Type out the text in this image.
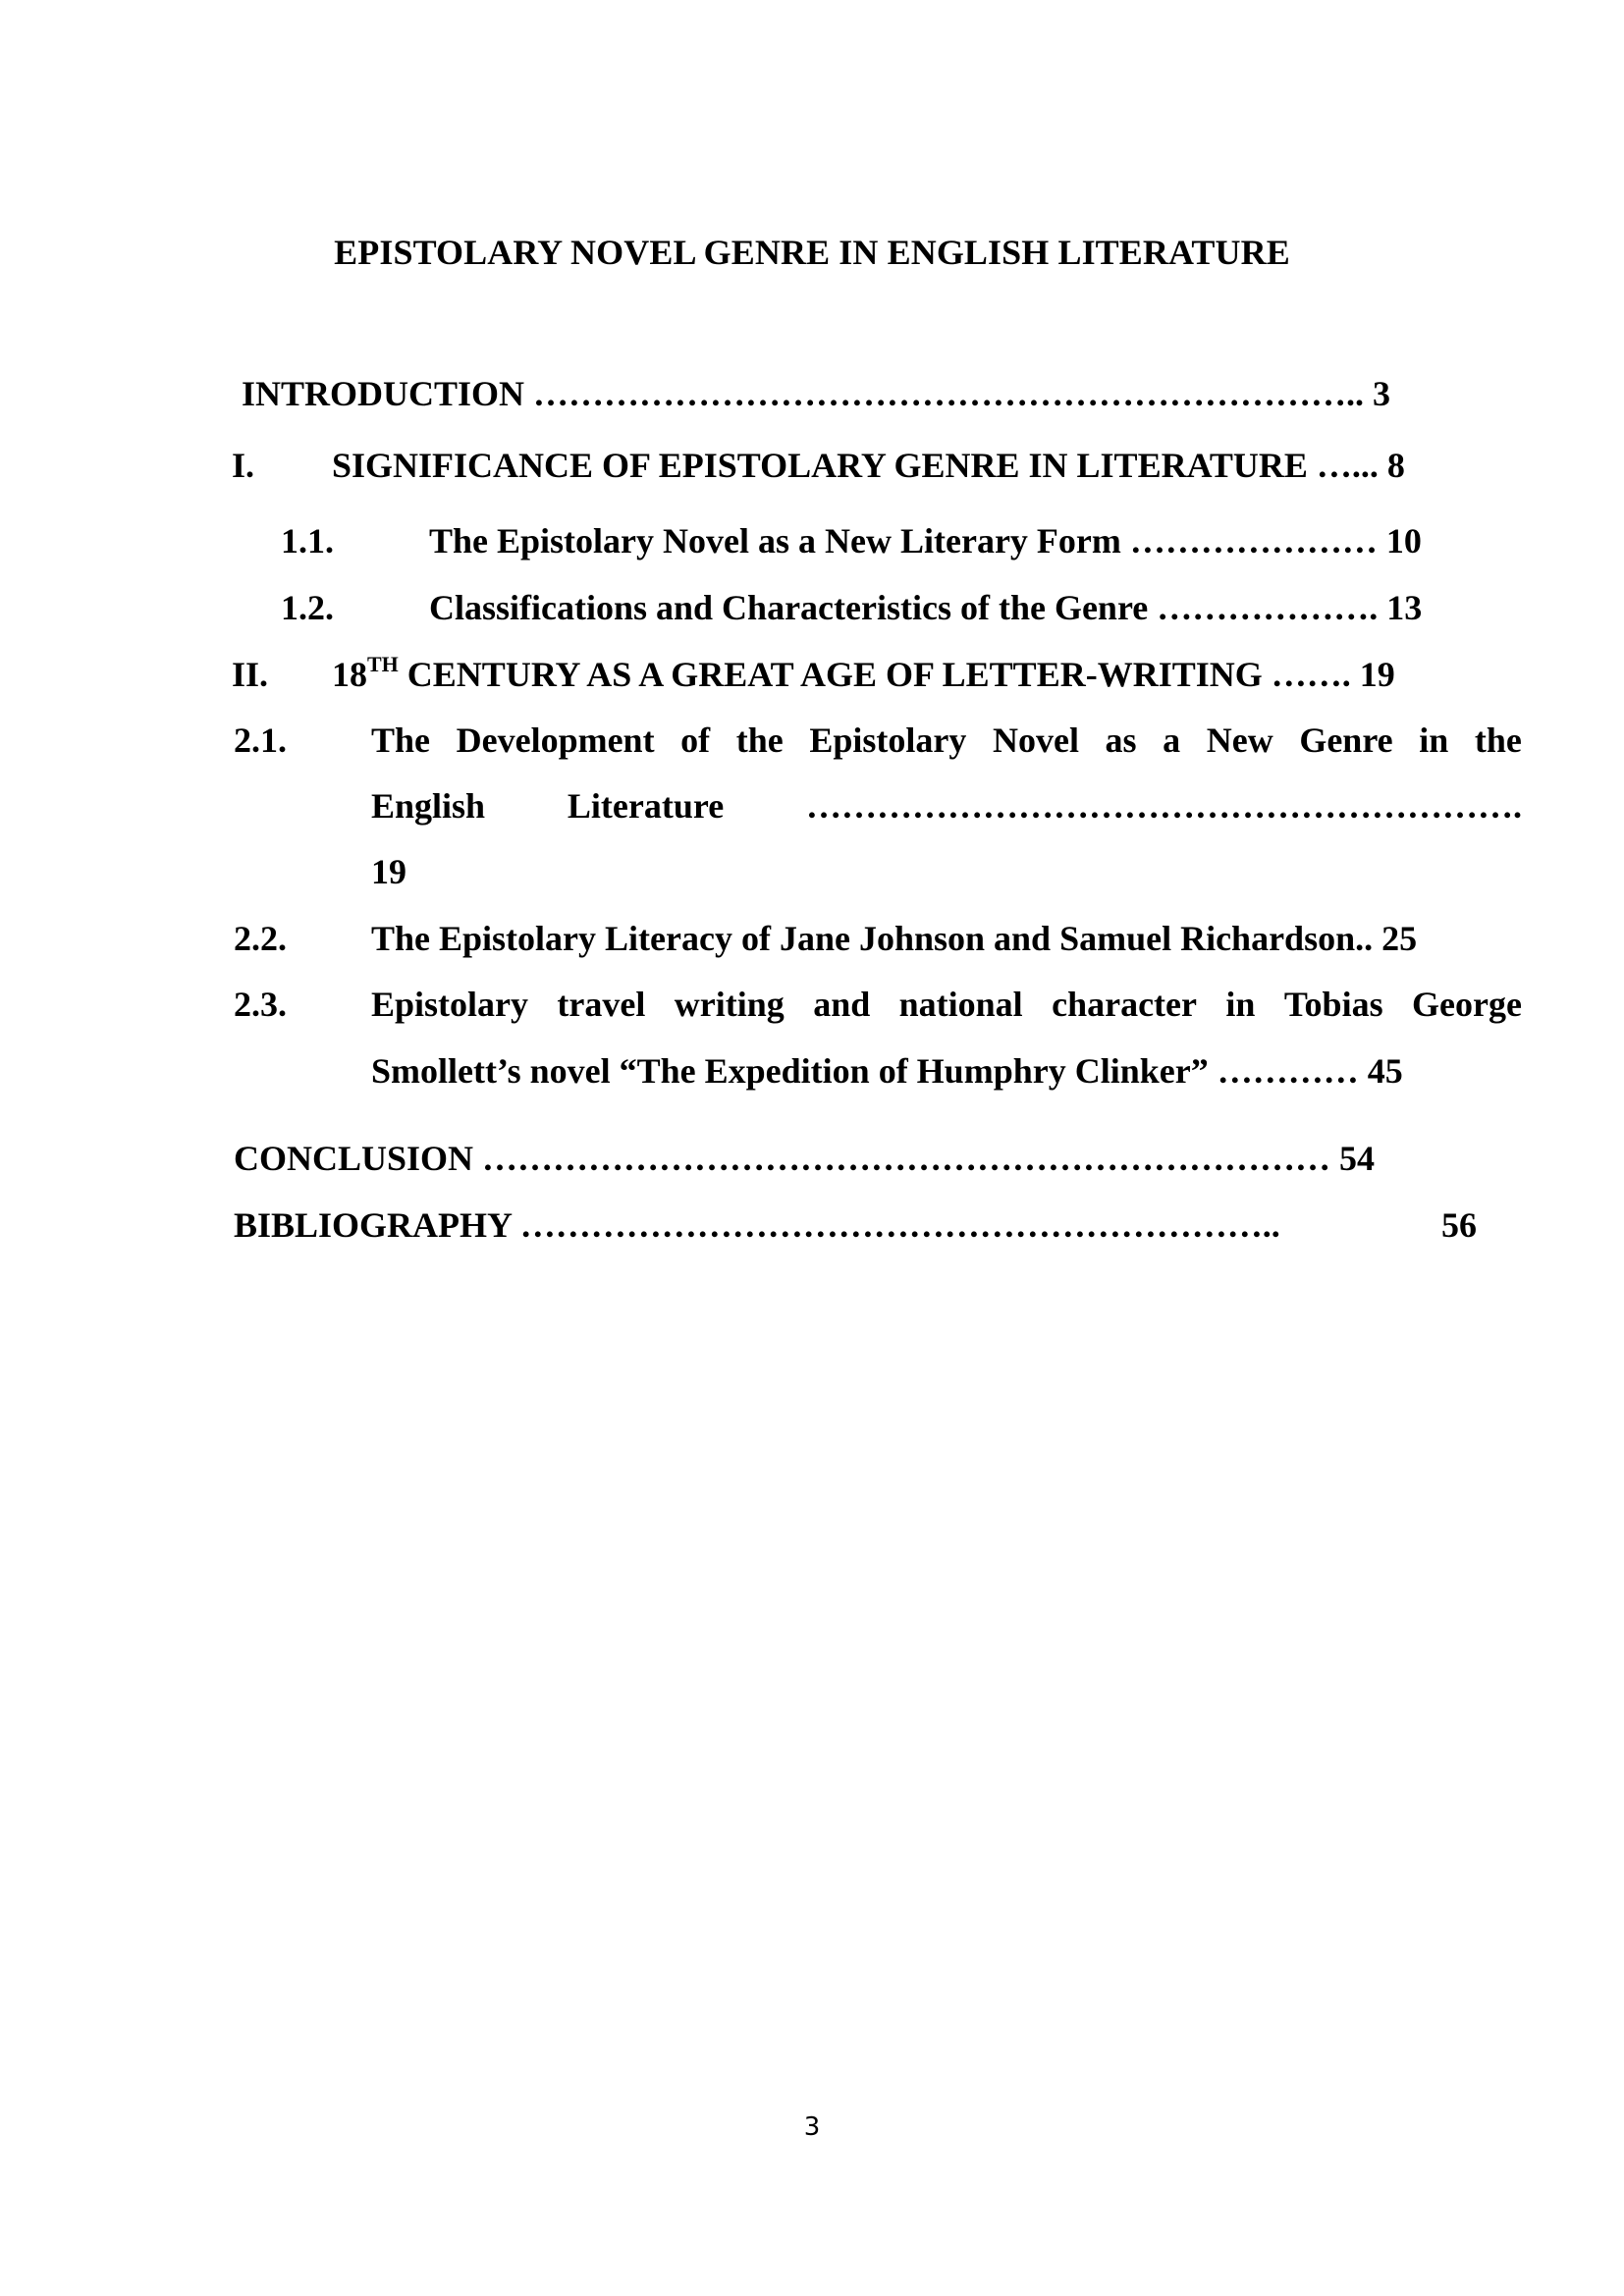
EPISTOLARY NOVEL GENRE IN ENGLISH LITERATURE
INTRODUCTION …………………………………………………………….. 3
I. SIGNIFICANCE OF EPISTOLARY GENRE IN LITERATURE …... 8
1.1.	The Epistolary Novel as a New Literary Form ………………… 10
1.2.	Classifications and Characteristics of the Genre ………………. 13
II. 18TH CENTURY AS A GREAT AGE OF LETTER-WRITING ……. 19
2.1. The Development of the Epistolary Novel as a New Genre in the
English Literature …………………………………………………….
19
2.2. The Epistolary Literacy of Jane Johnson and Samuel Richardson.. 25
2.3. Epistolary travel writing and national character in Tobias George
Smollett’s novel “The Expedition of Humphry Clinker” ………… 45
CONCLUSION ……………………………………………………………… 54
BIBLIOGRAPHY ………………………………………………………..	56
3
